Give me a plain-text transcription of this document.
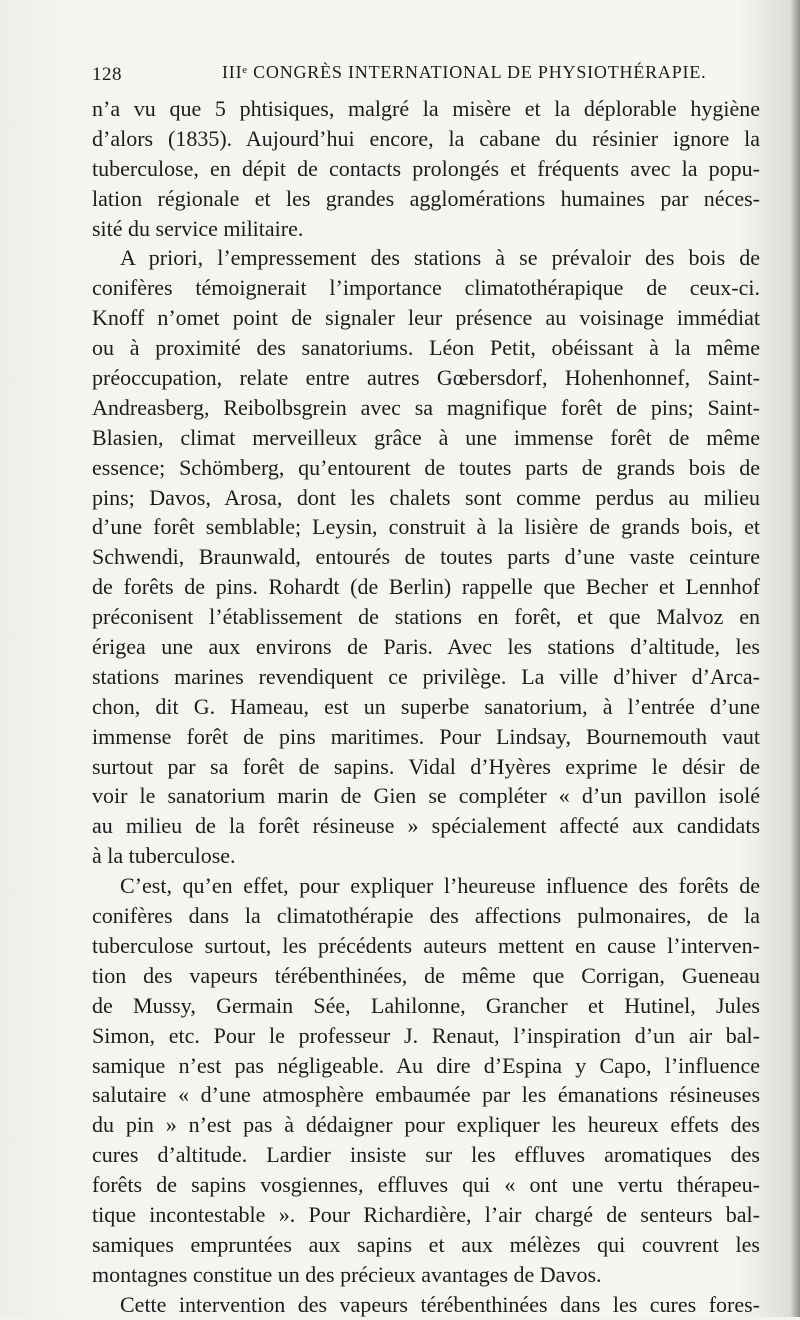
128	IIIᵉ CONGRÈS INTERNATIONAL DE PHYSIOTHÉRAPIE.
n’a vu que 5 phtisiques, malgré la misère et la déplorable hygiène
d’alors (1835). Aujourd’hui encore, la cabane du résinier ignore la
tuberculose, en dépit de contacts prolongés et fréquents avec la popu-
lation régionale et les grandes agglomérations humaines par néces-
sité du service militaire.
A priori, l’empressement des stations à se prévaloir des bois de
conifères témoignerait l’importance climatothérapique de ceux-ci.
Knoff n’omet point de signaler leur présence au voisinage immédiat
ou à proximité des sanatoriums. Léon Petit, obéissant à la même
préoccupation, relate entre autres Gœbersdorf, Hohenhonnef, Saint-
Andreasberg, Reibolbsgrein avec sa magnifique forêt de pins; Saint-
Blasien, climat merveilleux grâce à une immense forêt de même
essence; Schömberg, qu’entourent de toutes parts de grands bois de
pins; Davos, Arosa, dont les chalets sont comme perdus au milieu
d’une forêt semblable; Leysin, construit à la lisière de grands bois, et
Schwendi, Braunwald, entourés de toutes parts d’une vaste ceinture
de forêts de pins. Rohardt (de Berlin) rappelle que Becher et Lennhof
préconisent l’établissement de stations en forêt, et que Malvoz en
érigea une aux environs de Paris. Avec les stations d’altitude, les
stations marines revendiquent ce privilège. La ville d’hiver d’Arca-
chon, dit G. Hameau, est un superbe sanatorium, à l’entrée d’une
immense forêt de pins maritimes. Pour Lindsay, Bournemouth vaut
surtout par sa forêt de sapins. Vidal d’Hyères exprime le désir de
voir le sanatorium marin de Gien se compléter « d’un pavillon isolé
au milieu de la forêt résineuse » spécialement affecté aux candidats
à la tuberculose.
C’est, qu’en effet, pour expliquer l’heureuse influence des forêts de
conifères dans la climatothérapie des affections pulmonaires, de la
tuberculose surtout, les précédents auteurs mettent en cause l’interven-
tion des vapeurs térébenthinées, de même que Corrigan, Gueneau
de Mussy, Germain Sée, Lahilonne, Grancher et Hutinel, Jules
Simon, etc. Pour le professeur J. Renaut, l’inspiration d’un air bal-
samique n’est pas négligeable. Au dire d’Espina y Capo, l’influence
salutaire « d’une atmosphère embaumée par les émanations résineuses
du pin » n’est pas à dédaigner pour expliquer les heureux effets des
cures d’altitude. Lardier insiste sur les effluves aromatiques des
forêts de sapins vosgiennes, effluves qui « ont une vertu thérapeu-
tique incontestable ». Pour Richardière, l’air chargé de senteurs bal-
samiques empruntées aux sapins et aux mélèzes qui couvrent les
montagnes constitue un des précieux avantages de Davos.
Cette intervention des vapeurs térébenthinées dans les cures fores-
